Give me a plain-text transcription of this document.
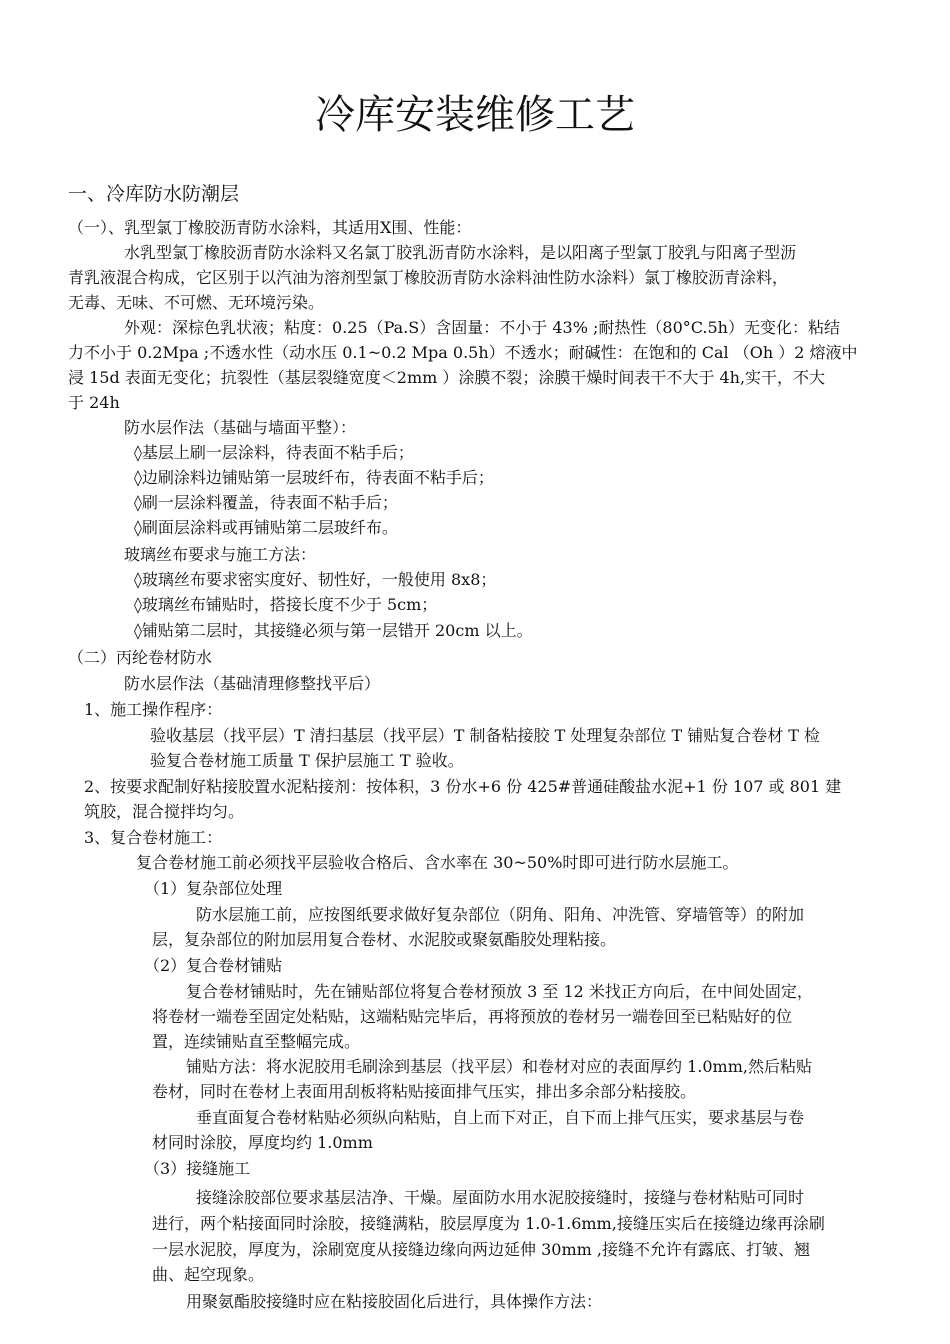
冷库安装维修工艺
一、冷库防水防潮层
（一）、乳型氯丁橡胶沥青防水涂料，其适用X围、性能：
水乳型氯丁橡胶沥青防水涂料又名氯丁胶乳沥青防水涂料，是以阳离子型氯丁胶乳与阳离子型沥
青乳液混合构成，它区别于以汽油为溶剂型氯丁橡胶沥青防水涂料油性防水涂料）氯丁橡胶沥青涂料，
无毒、无味、不可燃、无环境污染。
外观：深棕色乳状液；粘度：0.25（Pa.S）含固量：不小于 43% ;耐热性（80°C.5h）无变化：粘结
力不小于 0.2Mpa ;不透水性（动水压 0.1~0.2 Mpa 0.5h）不透水；耐碱性：在饱和的 Cal （Oh ）2 熔液中
浸 15d 表面无变化；抗裂性（基层裂缝宽度＜2mm ）涂膜不裂；涂膜干燥时间表干不大于 4h,实干，不大
于 24h
防水层作法（基础与墙面平整）：
◊基层上刷一层涂料，待表面不粘手后；
◊边刷涂料边铺贴第一层玻纤布，待表面不粘手后；
◊刷一层涂料覆盖，待表面不粘手后；
◊刷面层涂料或再铺贴第二层玻纤布。
玻璃丝布要求与施工方法：
◊玻璃丝布要求密实度好、韧性好，一般使用 8x8；
◊玻璃丝布铺贴时，搭接长度不少于 5cm；
◊铺贴第二层时，其接缝必须与第一层错开 20cm 以上。
（二）丙纶卷材防水
防水层作法（基础清理修整找平后）
1、施工操作程序：
验收基层（找平层）T 清扫基层（找平层）T 制备粘接胶 T 处理复杂部位 T 铺贴复合卷材 T 检
验复合卷材施工质量 T 保护层施工 T 验收。
2、按要求配制好粘接胶置水泥粘接剂：按体积，3 份水+6 份 425#普通硅酸盐水泥+1 份 107 或 801 建
筑胶，混合搅拌均匀。
3、复合卷材施工：
复合卷材施工前必须找平层验收合格后、含水率在 30~50%时即可进行防水层施工。
（1）复杂部位处理
防水层施工前，应按图纸要求做好复杂部位（阴角、阳角、冲洗管、穿墙管等）的附加
层，复杂部位的附加层用复合卷材、水泥胶或聚氨酯胶处理粘接。
（2）复合卷材铺贴
复合卷材铺贴时，先在铺贴部位将复合卷材预放 3 至 12 米找正方向后，在中间处固定，
将卷材一端卷至固定处粘贴，这端粘贴完毕后，再将预放的卷材另一端卷回至已粘贴好的位
置，连续铺贴直至整幅完成。
铺贴方法：将水泥胶用毛刷涂到基层（找平层）和卷材对应的表面厚约 1.0mm,然后粘贴
卷材，同时在卷材上表面用刮板将粘贴接面排气压实，排出多余部分粘接胶。
垂直面复合卷材粘贴必须纵向粘贴，自上而下对正，自下而上排气压实，要求基层与卷
材同时涂胶，厚度均约 1.0mm
（3）接缝施工
接缝涂胶部位要求基层洁净、干燥。屋面防水用水泥胶接缝时，接缝与卷材粘贴可同时
进行，两个粘接面同时涂胶，接缝满粘，胶层厚度为 1.0-1.6mm,接缝压实后在接缝边缘再涂刷
一层水泥胶，厚度为，涂刷宽度从接缝边缘向两边延伸 30mm ,接缝不允许有露底、打皱、翘
曲、起空现象。
用聚氨酯胶接缝时应在粘接胶固化后进行，具体操作方法：
